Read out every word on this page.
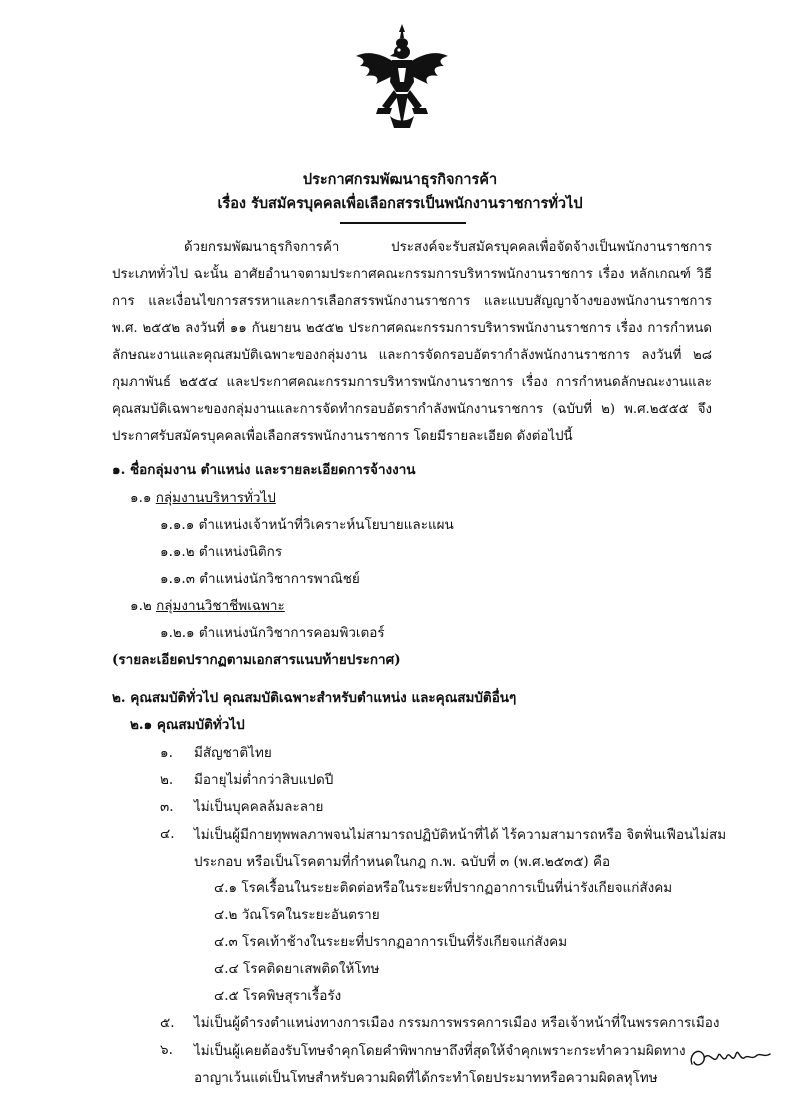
ประกาศกรมพัฒนาธุรกิจการค้า
เรื่อง รับสมัครบุคคลเพื่อเลือกสรรเป็นพนักงานราชการทั่วไป

ด้วยกรมพัฒนาธุรกิจการค้า ประสงค์จะรับสมัครบุคคลเพื่อจัดจ้างเป็นพนักงานราชการ ประเภททั่วไป ฉะนั้น อาศัยอำนาจตามประกาศคณะกรรมการบริหารพนักงานราชการ เรื่อง หลักเกณฑ์ วิธีการ และเงื่อนไขการสรรหาและการเลือกสรรพนักงานราชการ และแบบสัญญาจ้างของพนักงานราชการ พ.ศ. ๒๕๕๒ ลงวันที่ ๑๑ กันยายน ๒๕๕๒ ประกาศคณะกรรมการบริหารพนักงานราชการ เรื่อง การกำหนดลักษณะงานและคุณสมบัติเฉพาะของกลุ่มงาน และการจัดกรอบอัตรากำลังพนักงานราชการ ลงวันที่ ๒๘ กุมภาพันธ์ ๒๕๕๔ และประกาศคณะกรรมการบริหารพนักงานราชการ เรื่อง การกำหนดลักษณะงานและคุณสมบัติเฉพาะของกลุ่มงานและการจัดทำกรอบอัตรากำลังพนักงานราชการ (ฉบับที่ ๒) พ.ศ.๒๕๕๕ จึงประกาศรับสมัครบุคคลเพื่อเลือกสรรพนักงานราชการ โดยมีรายละเอียด ดังต่อไปนี้

๑. ชื่อกลุ่มงาน ตำแหน่ง และรายละเอียดการจ้างงาน
๑.๑ กลุ่มงานบริหารทั่วไป
๑.๑.๑ ตำแหน่งเจ้าหน้าที่วิเคราะห์นโยบายและแผน
๑.๑.๒ ตำแหน่งนิติกร
๑.๑.๓ ตำแหน่งนักวิชาการพาณิชย์
๑.๒ กลุ่มงานวิชาชีพเฉพาะ
๑.๒.๑ ตำแหน่งนักวิชาการคอมพิวเตอร์
(รายละเอียดปรากฏตามเอกสารแนบท้ายประกาศ)
๒. คุณสมบัติทั่วไป คุณสมบัติเฉพาะสำหรับตำแหน่ง และคุณสมบัติอื่นๆ
๒.๑ คุณสมบัติทั่วไป
๑. มีสัญชาติไทย
๒. มีอายุไม่ต่ำกว่าสิบแปดปี
๓. ไม่เป็นบุคคลล้มละลาย
๔.	ไม่เป็นผู้มีกายทุพพลภาพจนไม่สามารถปฏิบัติหน้าที่ได้ ไร้ความสามารถหรือ จิตฟั่นเฟือนไม่สมประกอบ หรือเป็นโรคตามที่กำหนดในกฎ ก.พ. ฉบับที่ ๓ (พ.ศ.๒๕๓๕) คือ
๔.๑ โรคเรื้อนในระยะติดต่อหรือในระยะที่ปรากฏอาการเป็นที่น่ารังเกียจแก่สังคม
๔.๒ วัณโรคในระยะอันตราย
๔.๓ โรคเท้าช้างในระยะที่ปรากฏอาการเป็นที่รังเกียจแก่สังคม
๔.๔ โรคติดยาเสพติดให้โทษ
๔.๕ โรคพิษสุราเรื้อรัง
๕. ไม่เป็นผู้ดำรงตำแหน่งทางการเมือง กรรมการพรรคการเมือง หรือเจ้าหน้าที่ในพรรคการเมือง
๖.	ไม่เป็นผู้เคยต้องรับโทษจำคุกโดยคำพิพากษาถึงที่สุดให้จำคุกเพราะกระทำความผิดทางอาญาเว้นแต่เป็นโทษสำหรับความผิดที่ได้กระทำโดยประมาทหรือความผิดลหุโทษ
